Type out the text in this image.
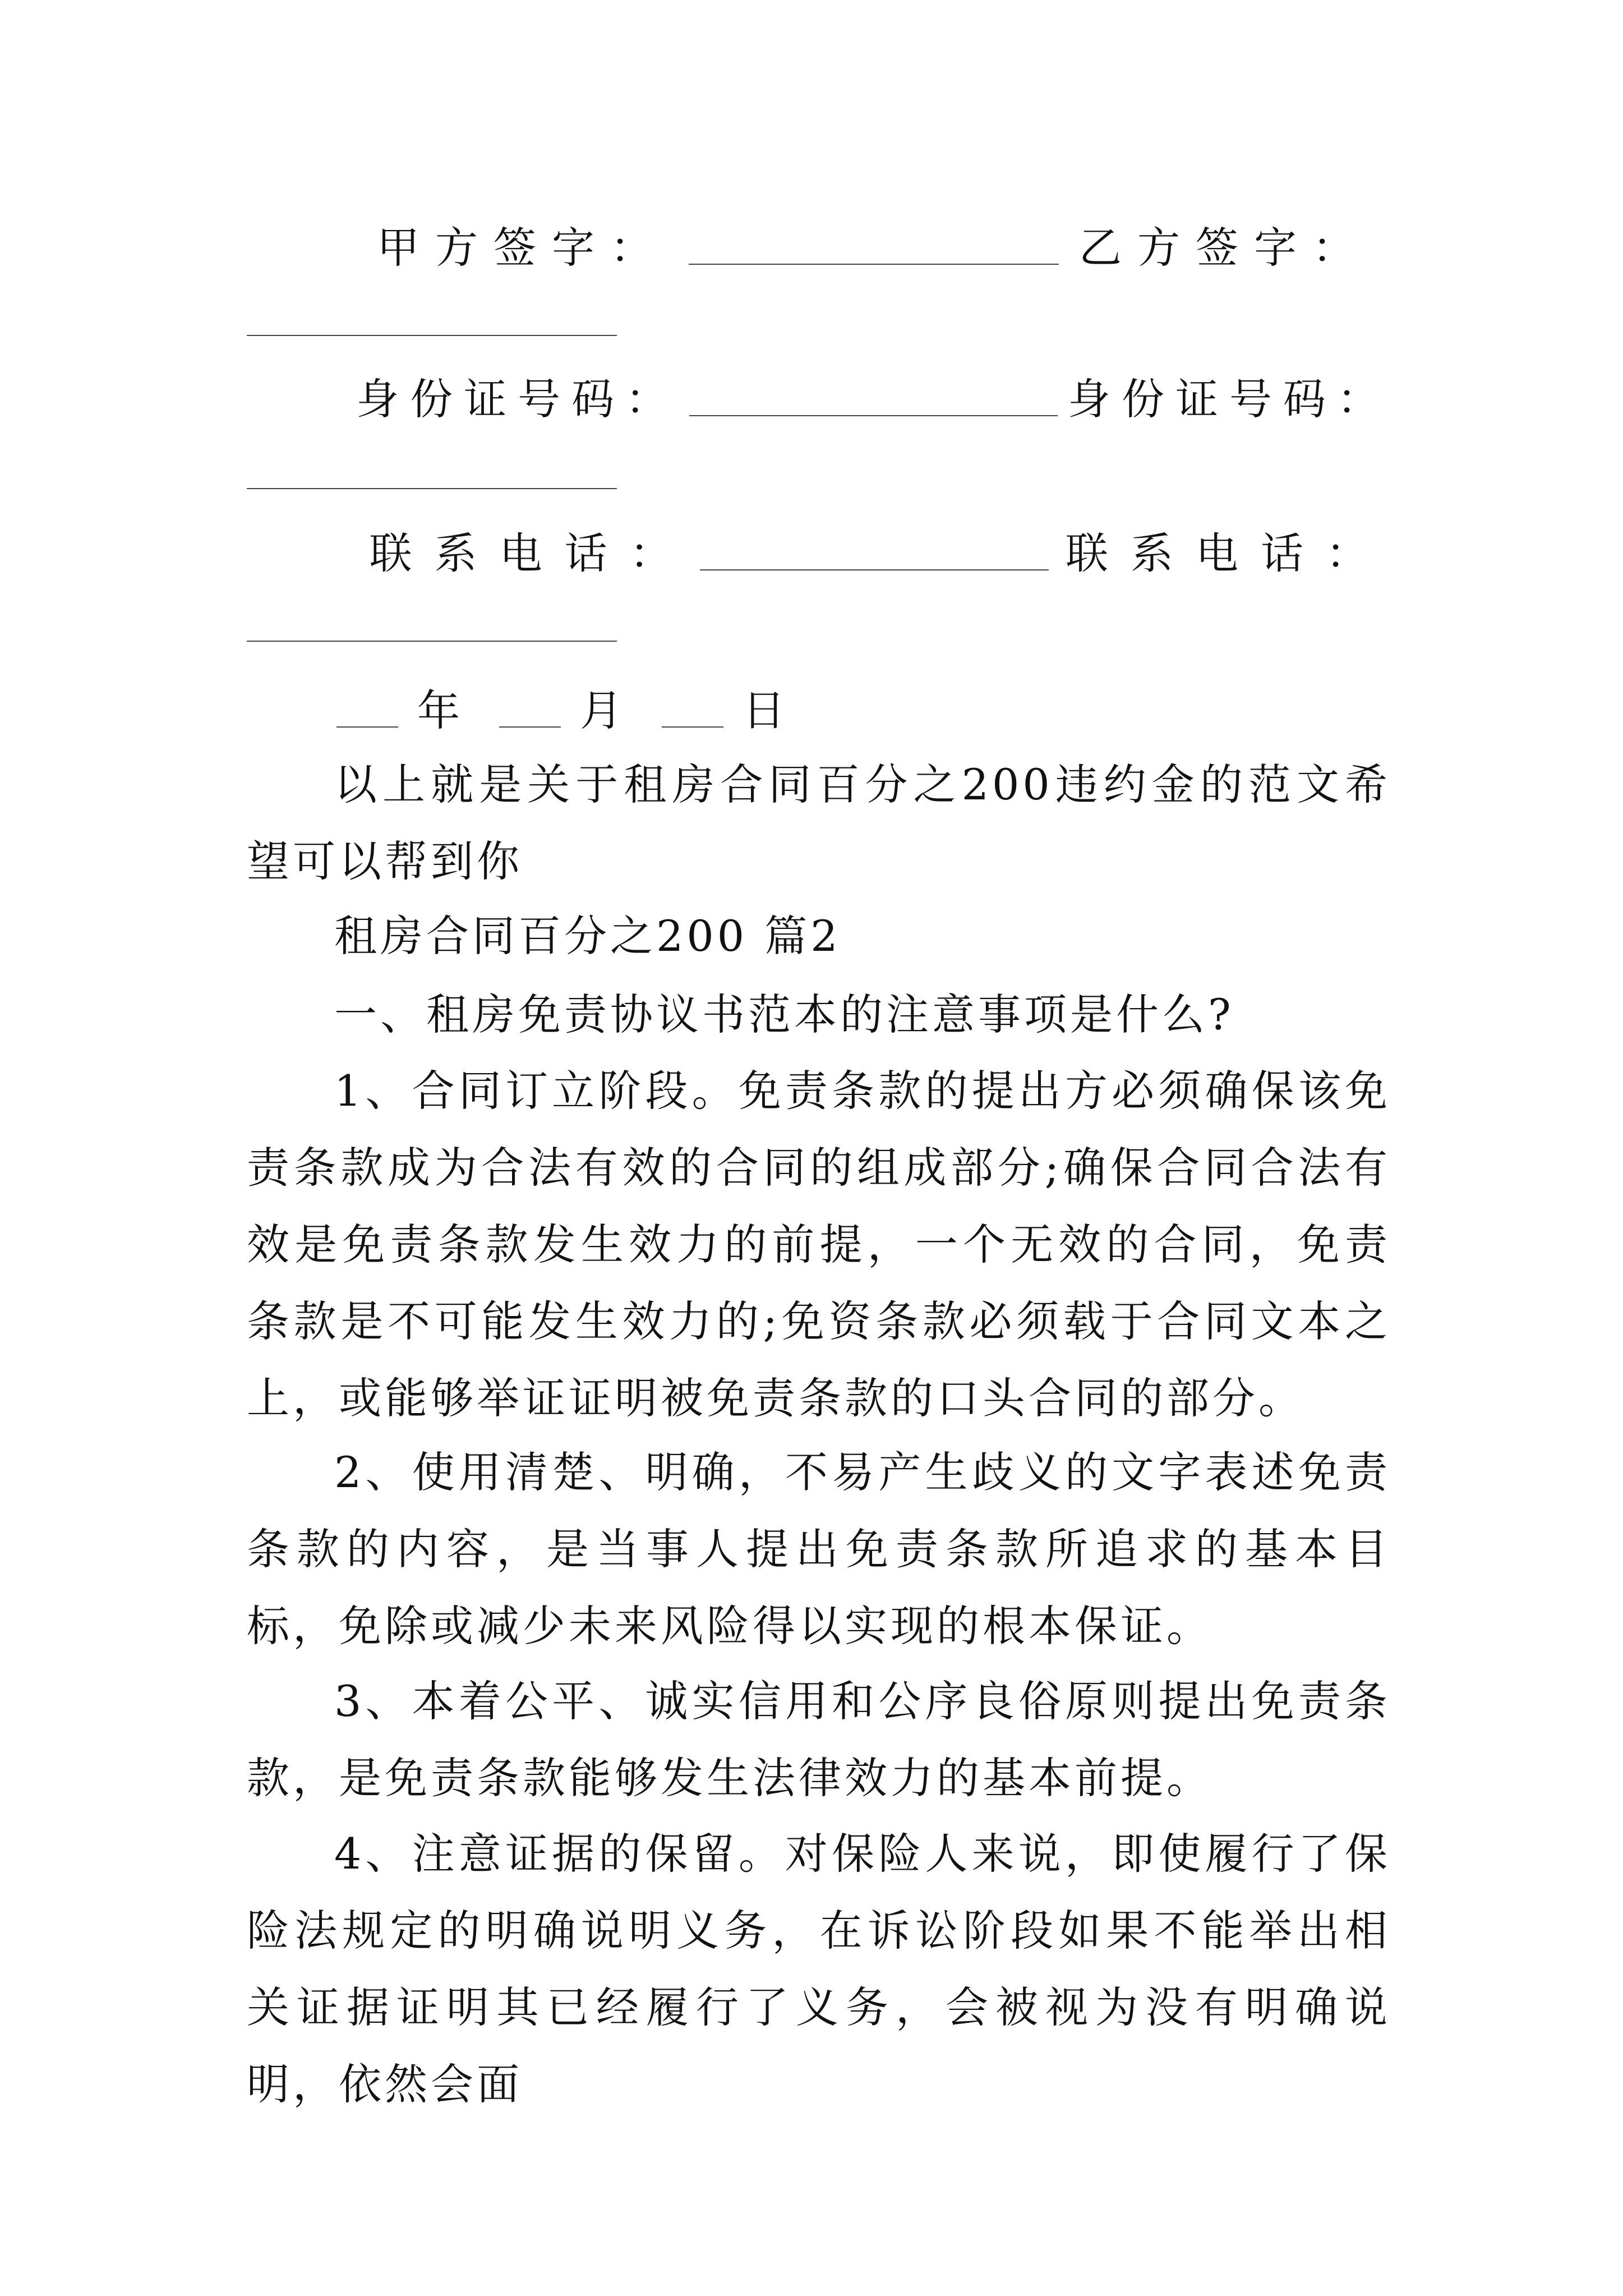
甲方签字：	乙方签字：
身份证号码：	身份证号码：
联系电话：	联系电话：
年	月	日

以上就是关于租房合同百分之200违约金的范文希望可以帮到你

租房合同百分之200 篇2

一、租房免责协议书范本的注意事项是什么?

1、合同订立阶段。免责条款的提出方必须确保该免责条款成为合法有效的合同的组成部分;确保合同合法有效是免责条款发生效力的前提，一个无效的合同，免责条款是不可能发生效力的;免资条款必须载于合同文本之上，或能够举证证明被免责条款的口头合同的部分。

2、使用清楚、明确，不易产生歧义的文字表述免责条款的内容，是当事人提出免责条款所追求的基本目标，免除或减少未来风险得以实现的根本保证。

3、本着公平、诚实信用和公序良俗原则提出免责条款，是免责条款能够发生法律效力的基本前提。

4、注意证据的保留。对保险人来说，即使履行了保险法规定的明确说明义务，在诉讼阶段如果不能举出相关证据证明其已经履行了义务，会被视为没有明确说明，依然会面
